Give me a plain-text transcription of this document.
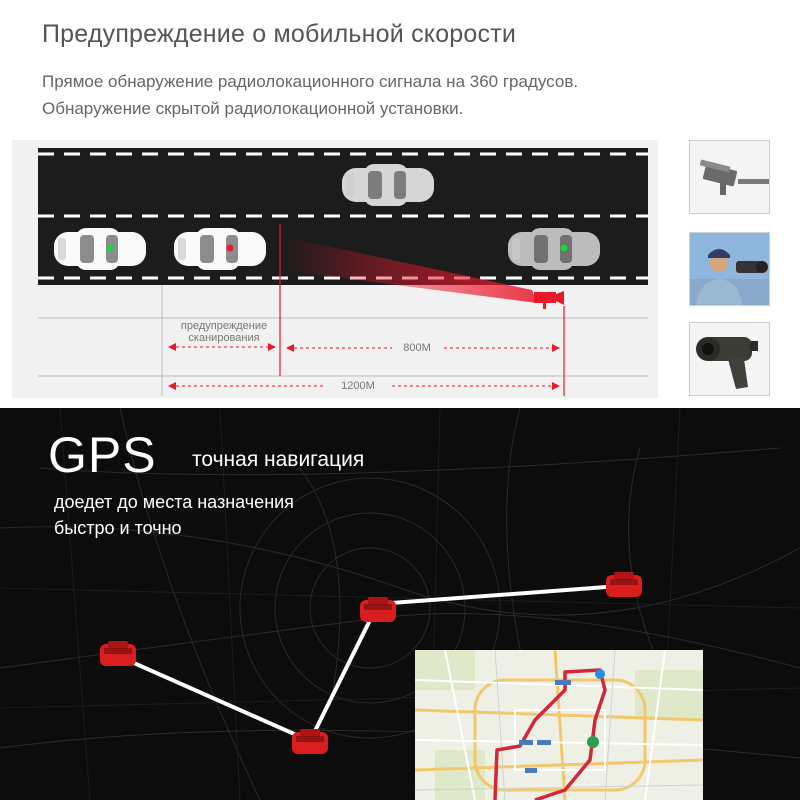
Предупреждение о мобильной скорости

Прямое обнаружение радиолокационного сигнала на 360 градусов.

Обнаружение скрытой радиолокационной установки.

предупреждение
сканирования
800M
1200M
GPS точная навигация

доедет до места назначения

быстро и точно
